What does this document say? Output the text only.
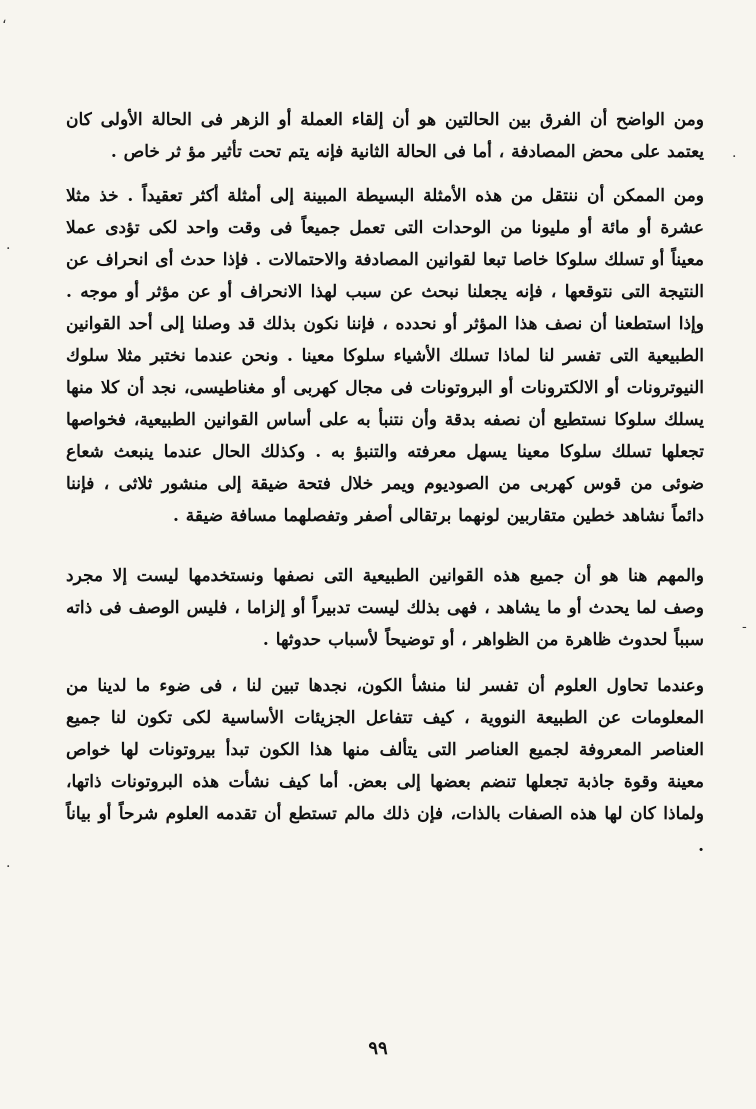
،
·
·
-
·

ومن الواضح أن الفرق بين الحالتين هو أن إلقاء العملة أو الزهر فى الحالة الأولى كان يعتمد على محض المصادفة ، أما فى الحالة الثانية فإنه يتم تحت تأثير مؤ ثر خاص .

ومن الممكن أن ننتقل من هذه الأمثلة البسيطة المبينة إلى أمثلة أكثر تعقيداً . خذ مثلا عشرة أو مائة أو مليونا من الوحدات التى تعمل جميعاً فى وقت واحد لكى تؤدى عملا معيناً أو تسلك سلوكا خاصا تبعا لقوانين المصادفة والاحتمالات . فإذا حدث أى انحراف عن النتيجة التى نتوقعها ، فإنه يجعلنا نبحث عن سبب لهذا الانحراف أو عن مؤثر أو موجه . وإذا استطعنا أن نصف هذا المؤثر أو نحدده ، فإننا نكون بذلك قد وصلنا إلى أحد القوانين الطبيعية التى تفسر لنا لماذا تسلك الأشياء سلوكا معينا . ونحن عندما نختبر مثلا سلوك النيوترونات أو الالكترونات أو البروتونات فى مجال كهربى أو مغناطيسى، نجد أن كلا منها يسلك سلوكا نستطيع أن نصفه بدقة وأن نتنبأ به على أساس القوانين الطبيعية، فخواصها تجعلها تسلك سلوكا معينا يسهل معرفته والتنبؤ به . وكذلك الحال عندما ينبعث شعاع ضوئى من قوس كهربى من الصوديوم ويمر خلال فتحة ضيقة إلى منشور ثلاثى ، فإننا دائماً نشاهد خطين متقاربين لونهما برتقالى أصفر وتفصلهما مسافة ضيقة .

والمهم هنا هو أن جميع هذه القوانين الطبيعية التى نصفها ونستخدمها ليست إلا مجرد وصف لما يحدث أو ما يشاهد ، فهى بذلك ليست تدبيراً أو إلزاما ، فليس الوصف فى ذاته سبباً لحدوث ظاهرة من الظواهر ، أو توضيحاً لأسباب حدوثها .

وعندما تحاول العلوم أن تفسر لنا منشأ الكون، نجدها تبين لنا ، فى ضوء ما لدينا من المعلومات عن الطبيعة النووية ، كيف تتفاعل الجزيئات الأساسية لكى تكون لنا جميع العناصر المعروفة لجميع العناصر التى يتألف منها هذا الكون تبدأ بيروتونات لها خواص معينة وقوة جاذبة تجعلها تنضم بعضها إلى بعض. أما كيف نشأت هذه البروتونات ذاتها، ولماذا كان لها هذه الصفات بالذات، فإن ذلك مالم تستطع أن تقدمه العلوم شرحاً أو بياناً .

٩٩
